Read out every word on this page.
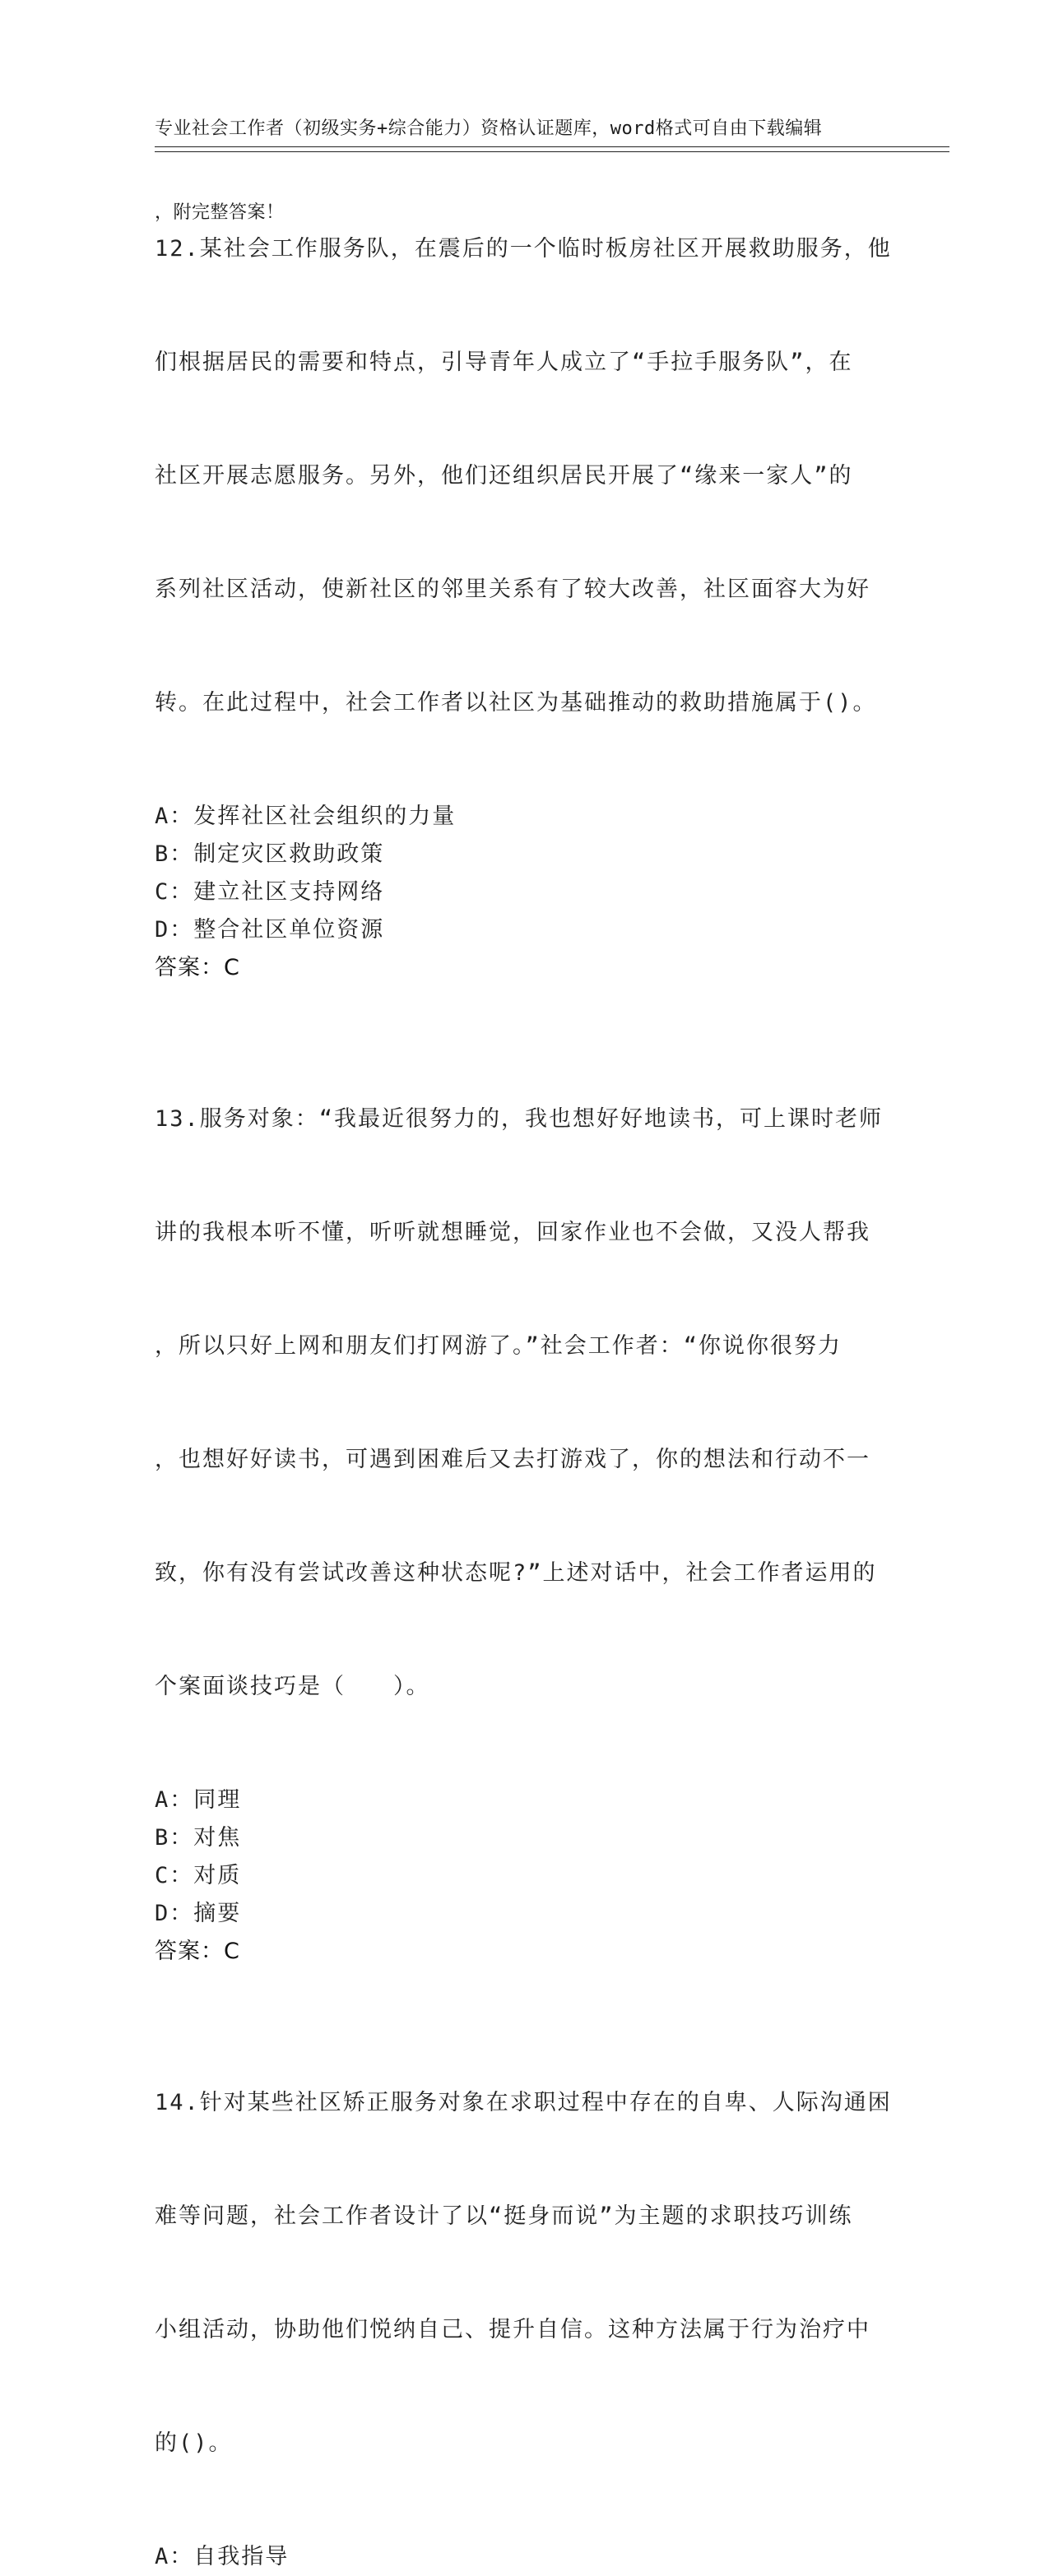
专业社会工作者（初级实务+综合能力）资格认证题库，word格式可自由下载编辑

，附完整答案！

12.某社会工作服务队，在震后的一个临时板房社区开展救助服务，他

们根据居民的需要和特点，引导青年人成立了“手拉手服务队”，在

社区开展志愿服务。另外，他们还组织居民开展了“缘来一家人”的

系列社区活动，使新社区的邻里关系有了较大改善，社区面容大为好

转。在此过程中，社会工作者以社区为基础推动的救助措施属于()。

A：发挥社区社会组织的力量
B：制定灾区救助政策
C：建立社区支持网络
D：整合社区单位资源
答案：C

13.服务对象：“我最近很努力的，我也想好好地读书，可上课时老师

讲的我根本听不懂，听听就想睡觉，回家作业也不会做，又没人帮我

，所以只好上网和朋友们打网游了。”社会工作者：“你说你很努力

，也想好好读书，可遇到困难后又去打游戏了，你的想法和行动不一

致，你有没有尝试改善这种状态呢?”上述对话中，社会工作者运用的

个案面谈技巧是（　　）。

A：同理
B：对焦
C：对质
D：摘要
答案：C

14.针对某些社区矫正服务对象在求职过程中存在的自卑、人际沟通困

难等问题，社会工作者设计了以“挺身而说”为主题的求职技巧训练

小组活动，协助他们悦纳自己、提升自信。这种方法属于行为治疗中

的()。

A：自我指导
